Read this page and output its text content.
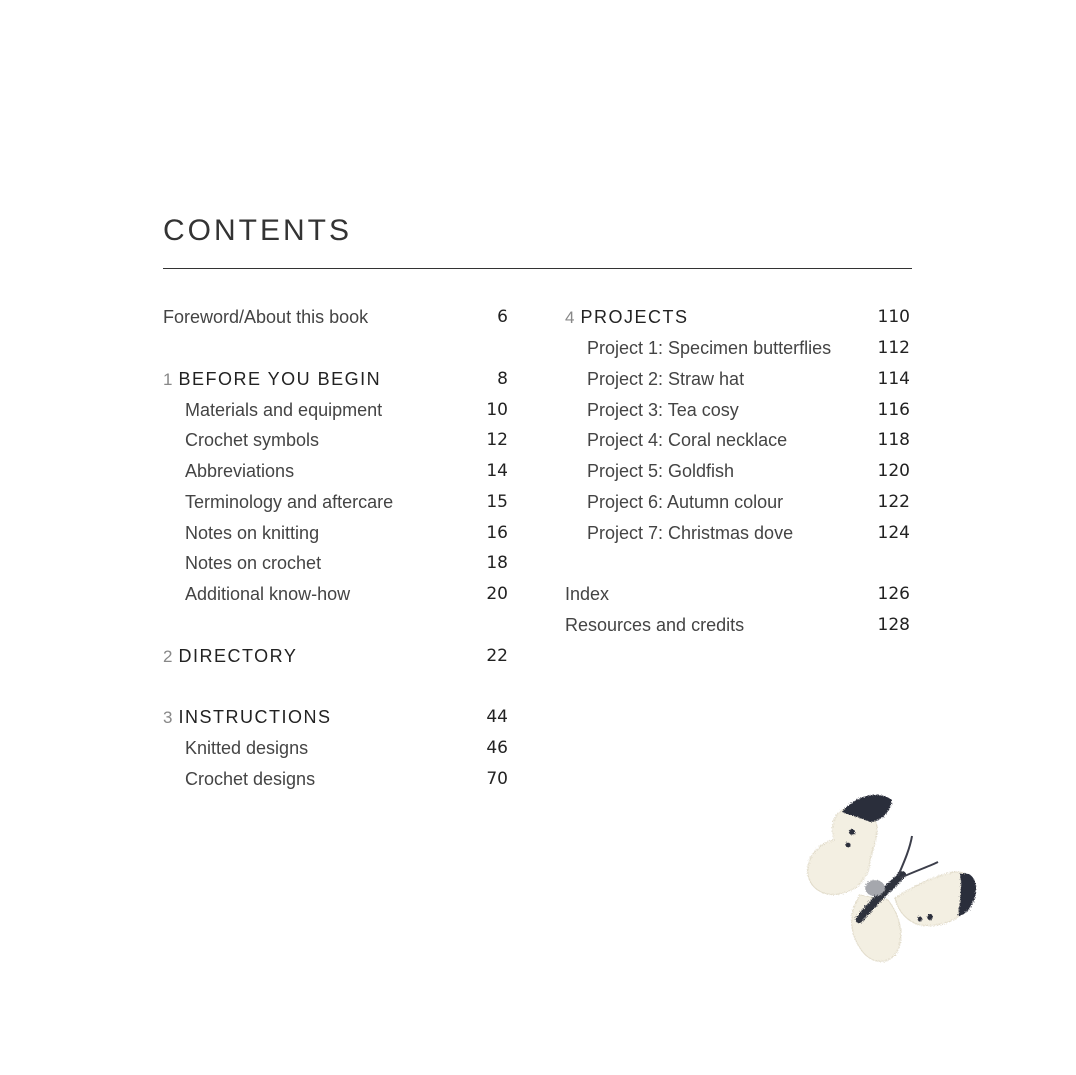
CONTENTS
Foreword/About this book	6
1 BEFORE YOU BEGIN	8
Materials and equipment	10
Crochet symbols	12
Abbreviations	14
Terminology and aftercare	15
Notes on knitting	16
Notes on crochet	18
Additional know-how	20
2 DIRECTORY	22
3 INSTRUCTIONS	44
Knitted designs	46
Crochet designs	70
4 PROJECTS	110
Project 1: Specimen butterflies	112
Project 2: Straw hat	114
Project 3: Tea cosy	116
Project 4: Coral necklace	118
Project 5: Goldfish	120
Project 6: Autumn colour	122
Project 7: Christmas dove	124
Index	126
Resources and credits	128
